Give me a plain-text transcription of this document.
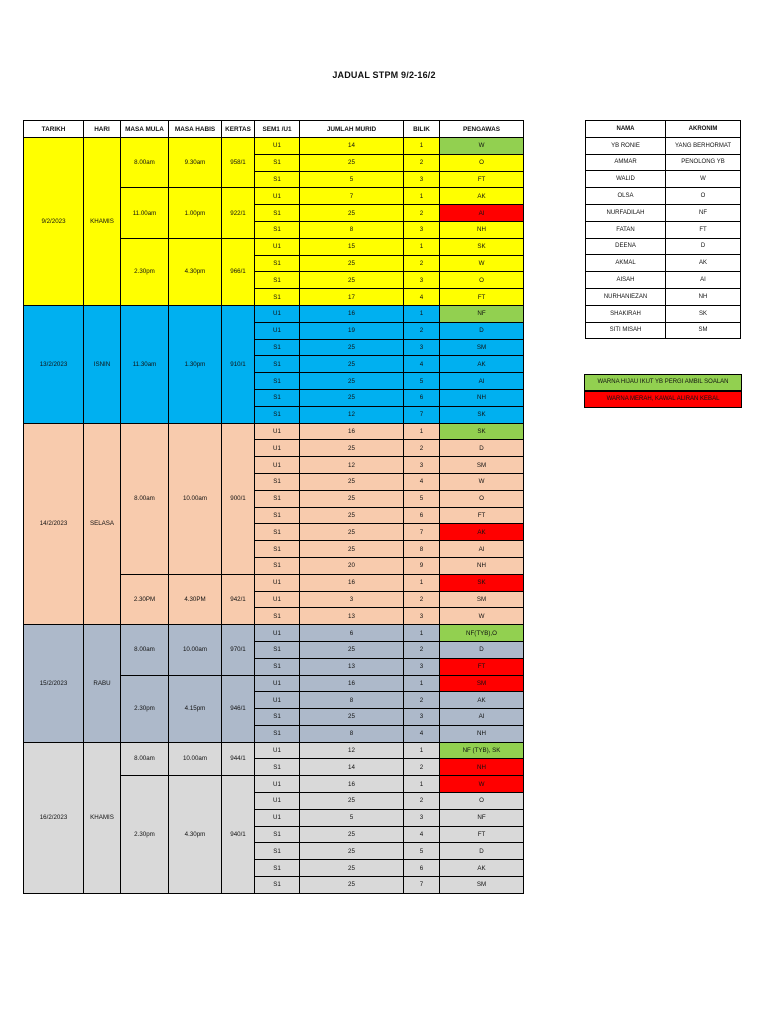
JADUAL STPM 9/2-16/2
TARIKH	HARI	MASA MULA	MASA HABIS	KERTAS	SEM1 /U1	JUMLAH MURID	BILIK	PENGAWAS
9/2/2023	KHAMIS	8.00am	9.30am	958/1	U1	14	1	W
					S1	25	2	O
					S1	5	3	FT
		11.00am	1.00pm	922/1	U1	7	1	AK
					S1	25	2	AI
					S1	8	3	NH
		2.30pm	4.30pm	966/1	U1	15	1	SK
					S1	25	2	W
					S1	25	3	O
					S1	17	4	FT
13/2/2023	ISNIN	11.30am	1.30pm	910/1	U1	16	1	NF
					U1	19	2	D
					S1	25	3	SM
					S1	25	4	AK
					S1	25	5	AI
					S1	25	6	NH
					S1	12	7	SK
14/2/2023	SELASA	8.00am	10.00am	900/1	U1	16	1	SK
					U1	25	2	D
					U1	12	3	SM
					S1	25	4	W
					S1	25	5	O
					S1	25	6	FT
					S1	25	7	AK
					S1	25	8	AI
					S1	20	9	NH
		2.30PM	4.30PM	942/1	U1	16	1	SK
					U1	3	2	SM
					S1	13	3	W
15/2/2023	RABU	8.00am	10.00am	970/1	U1	6	1	NF(TYB),O
					S1	25	2	D
					S1	13	3	FT
		2.30pm	4.15pm	946/1	U1	16	1	SM
					U1	8	2	AK
					S1	25	3	AI
					S1	8	4	NH
16/2/2023	KHAMIS	8.00am	10.00am	944/1	U1	12	1	NF (TYB), SK
					S1	14	2	NH
		2.30pm	4.30pm	940/1	U1	16	1	W
					U1	25	2	O
					U1	5	3	NF
					S1	25	4	FT
					S1	25	5	D
					S1	25	6	AK
					S1	25	7	SM
NAMA	AKRONIM
YB RONIE	YANG BERHORMAT
AMMAR	PENOLONG YB
WALID	W
OLSA	O
NURFADILAH	NF
FATAN	FT
DEENA	D
AKMAL	AK
AISAH	AI
NURHANIEZAN	NH
SHAKIRAH	SK
SITI MISAH	SM
WARNA HIJAU IKUT YB PERGI AMBIL SOALAN
WARNA MERAH, KAWAL ALIRAN KEBAL
